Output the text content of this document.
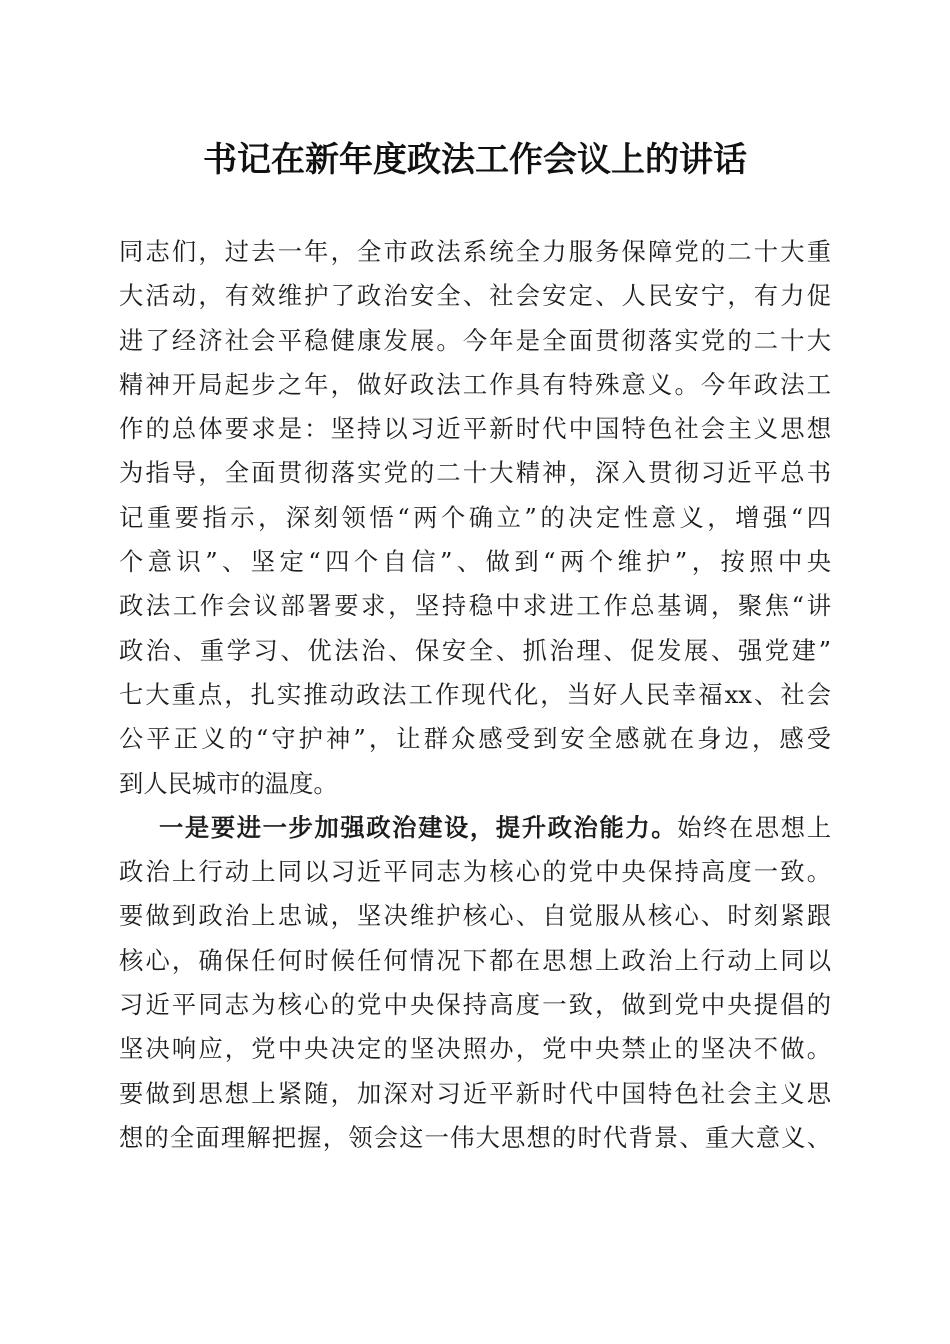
书记在新年度政法工作会议上的讲话
同志们，过去一年，全市政法系统全力服务保障党的二十大重
大活动，有效维护了政治安全、社会安定、人民安宁，有力促
进了经济社会平稳健康发展。今年是全面贯彻落实党的二十大
精神开局起步之年，做好政法工作具有特殊意义。今年政法工
作的总体要求是：坚持以习近平新时代中国特色社会主义思想
为指导，全面贯彻落实党的二十大精神，深入贯彻习近平总书
记重要指示，深刻领悟“两个确立”的决定性意义，增强“四
个意识”、坚定“四个自信”、做到“两个维护”，按照中央
政法工作会议部署要求，坚持稳中求进工作总基调，聚焦“讲
政治、重学习、优法治、保安全、抓治理、促发展、强党建”
七大重点，扎实推动政法工作现代化，当好人民幸福xx、社会
公平正义的“守护神”，让群众感受到安全感就在身边，感受
到人民城市的温度。
一是要进一步加强政治建设，提升政治能力。始终在思想上
政治上行动上同以习近平同志为核心的党中央保持高度一致。
要做到政治上忠诚，坚决维护核心、自觉服从核心、时刻紧跟
核心，确保任何时候任何情况下都在思想上政治上行动上同以
习近平同志为核心的党中央保持高度一致，做到党中央提倡的
坚决响应，党中央决定的坚决照办，党中央禁止的坚决不做。
要做到思想上紧随，加深对习近平新时代中国特色社会主义思
想的全面理解把握，领会这一伟大思想的时代背景、重大意义、
